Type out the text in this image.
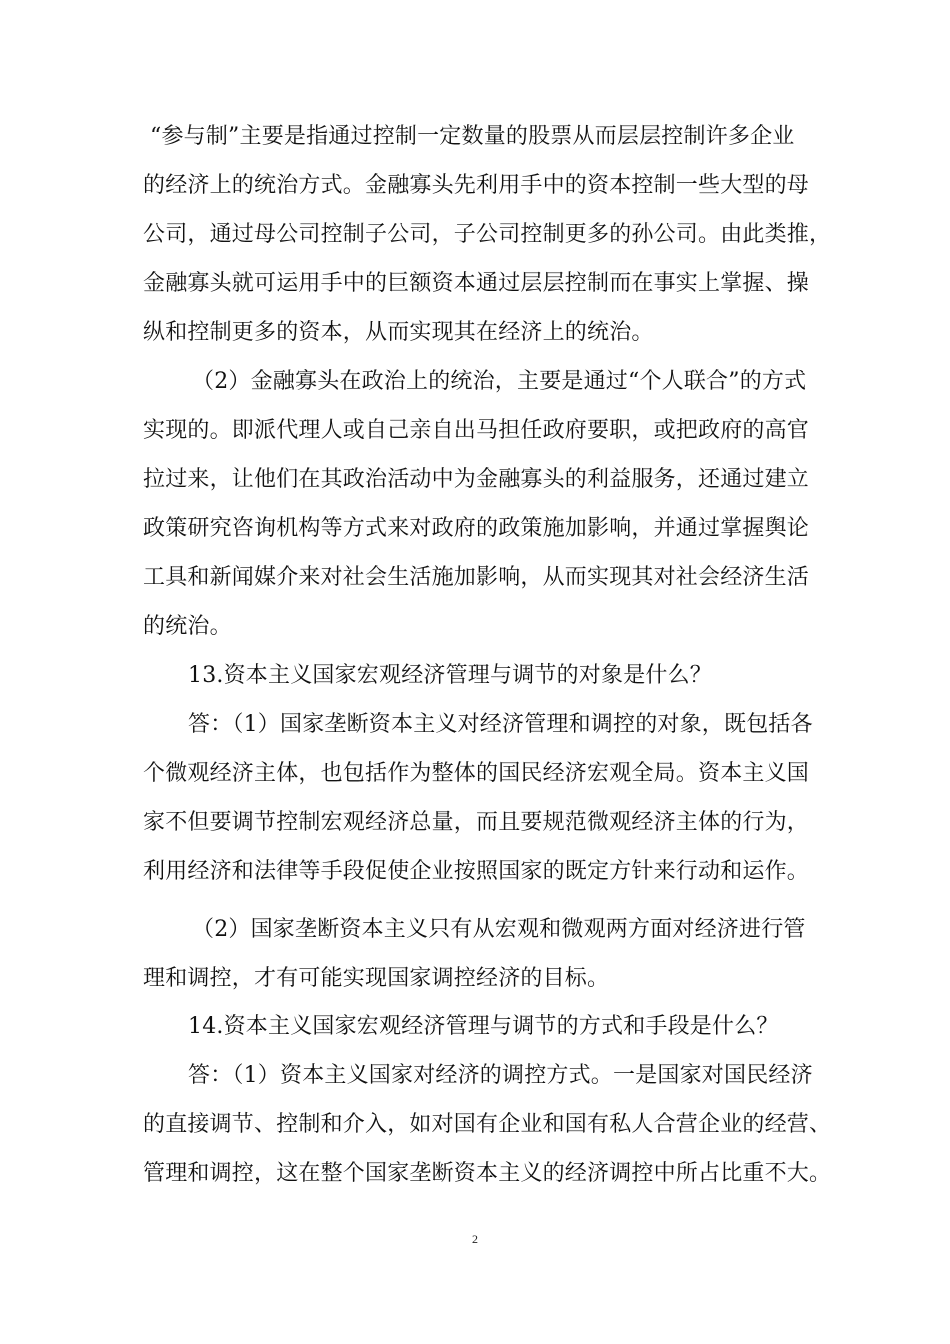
“参与制”主要是指通过控制一定数量的股票从而层层控制许多企业
的经济上的统治方式。金融寡头先利用手中的资本控制一些大型的母
公司，通过母公司控制子公司，子公司控制更多的孙公司。由此类推，
金融寡头就可运用手中的巨额资本通过层层控制而在事实上掌握、操
纵和控制更多的资本，从而实现其在经济上的统治。
（2）金融寡头在政治上的统治，主要是通过“个人联合”的方式
实现的。即派代理人或自己亲自出马担任政府要职，或把政府的高官
拉过来，让他们在其政治活动中为金融寡头的利益服务，还通过建立
政策研究咨询机构等方式来对政府的政策施加影响，并通过掌握舆论
工具和新闻媒介来对社会生活施加影响，从而实现其对社会经济生活
的统治。
13.资本主义国家宏观经济管理与调节的对象是什么？
答：（1）国家垄断资本主义对经济管理和调控的对象，既包括各
个微观经济主体，也包括作为整体的国民经济宏观全局。资本主义国
家不但要调节控制宏观经济总量，而且要规范微观经济主体的行为，
利用经济和法律等手段促使企业按照国家的既定方针来行动和运作。
（2）国家垄断资本主义只有从宏观和微观两方面对经济进行管
理和调控，才有可能实现国家调控经济的目标。
14.资本主义国家宏观经济管理与调节的方式和手段是什么？
答：（1）资本主义国家对经济的调控方式。一是国家对国民经济
的直接调节、控制和介入，如对国有企业和国有私人合营企业的经营、
管理和调控，这在整个国家垄断资本主义的经济调控中所占比重不大。
2
